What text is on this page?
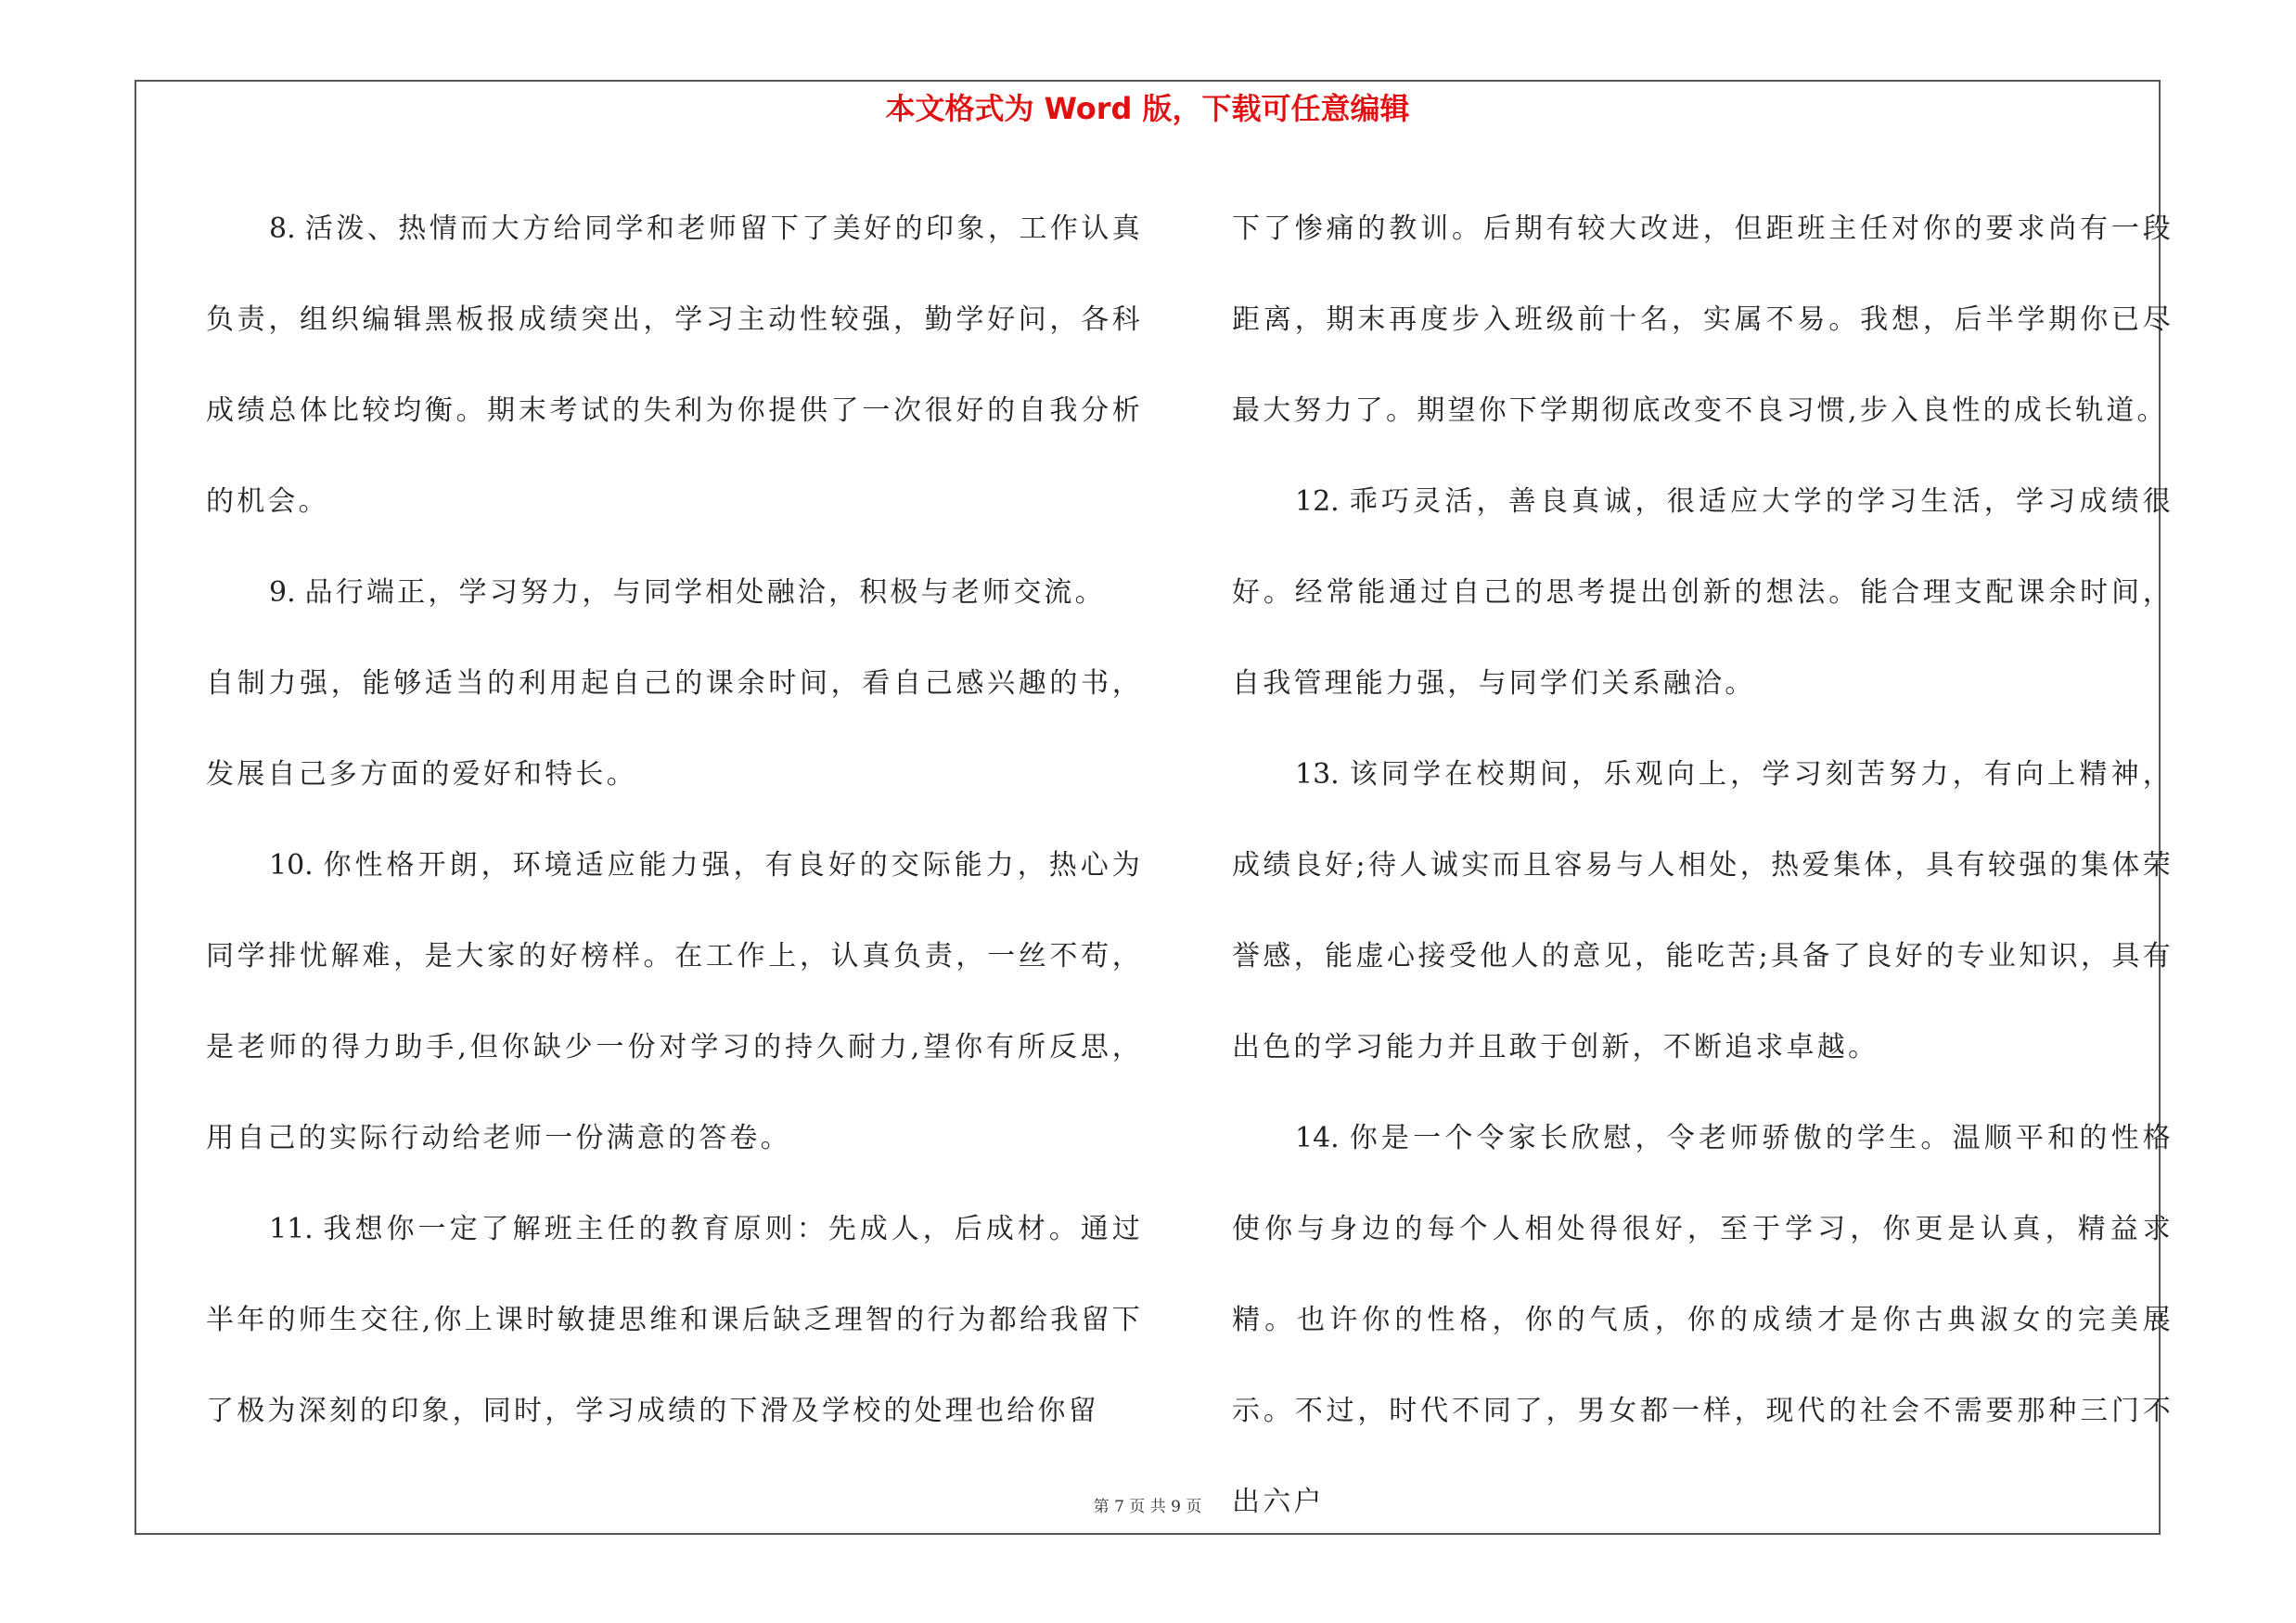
本文格式为 Word 版，下载可任意编辑

8. 活泼、热情而大方给同学和老师留下了美好的印象，工作认真负责，组织编辑黑板报成绩突出，学习主动性较强，勤学好问，各科成绩总体比较均衡。期末考试的失利为你提供了一次很好的自我分析的机会。

9. 品行端正，学习努力，与同学相处融洽，积极与老师交流。

自制力强，能够适当的利用起自己的课余时间，看自己感兴趣的书，发展自己多方面的爱好和特长。

10. 你性格开朗，环境适应能力强，有良好的交际能力，热心为同学排忧解难，是大家的好榜样。在工作上，认真负责，一丝不苟，是老师的得力助手,但你缺少一份对学习的持久耐力,望你有所反思，用自己的实际行动给老师一份满意的答卷。

11. 我想你一定了解班主任的教育原则：先成人，后成材。通过半年的师生交往,你上课时敏捷思维和课后缺乏理智的行为都给我留下了极为深刻的印象，同时，学习成绩的下滑及学校的处理也给你留

下了惨痛的教训。后期有较大改进，但距班主任对你的要求尚有一段距离，期末再度步入班级前十名，实属不易。我想，后半学期你已尽最大努力了。期望你下学期彻底改变不良习惯,步入良性的成长轨道。

12. 乖巧灵活，善良真诚，很适应大学的学习生活，学习成绩很好。经常能通过自己的思考提出创新的想法。能合理支配课余时间，自我管理能力强，与同学们关系融洽。

13. 该同学在校期间，乐观向上，学习刻苦努力，有向上精神，成绩良好;待人诚实而且容易与人相处，热爱集体，具有较强的集体荣誉感，能虚心接受他人的意见，能吃苦;具备了良好的专业知识，具有出色的学习能力并且敢于创新，不断追求卓越。

14. 你是一个令家长欣慰，令老师骄傲的学生。温顺平和的性格使你与身边的每个人相处得很好，至于学习，你更是认真，精益求精。也许你的性格，你的气质，你的成绩才是你古典淑女的完美展示。不过，时代不同了，男女都一样，现代的社会不需要那种三门不出六户

第 7 页 共 9 页
